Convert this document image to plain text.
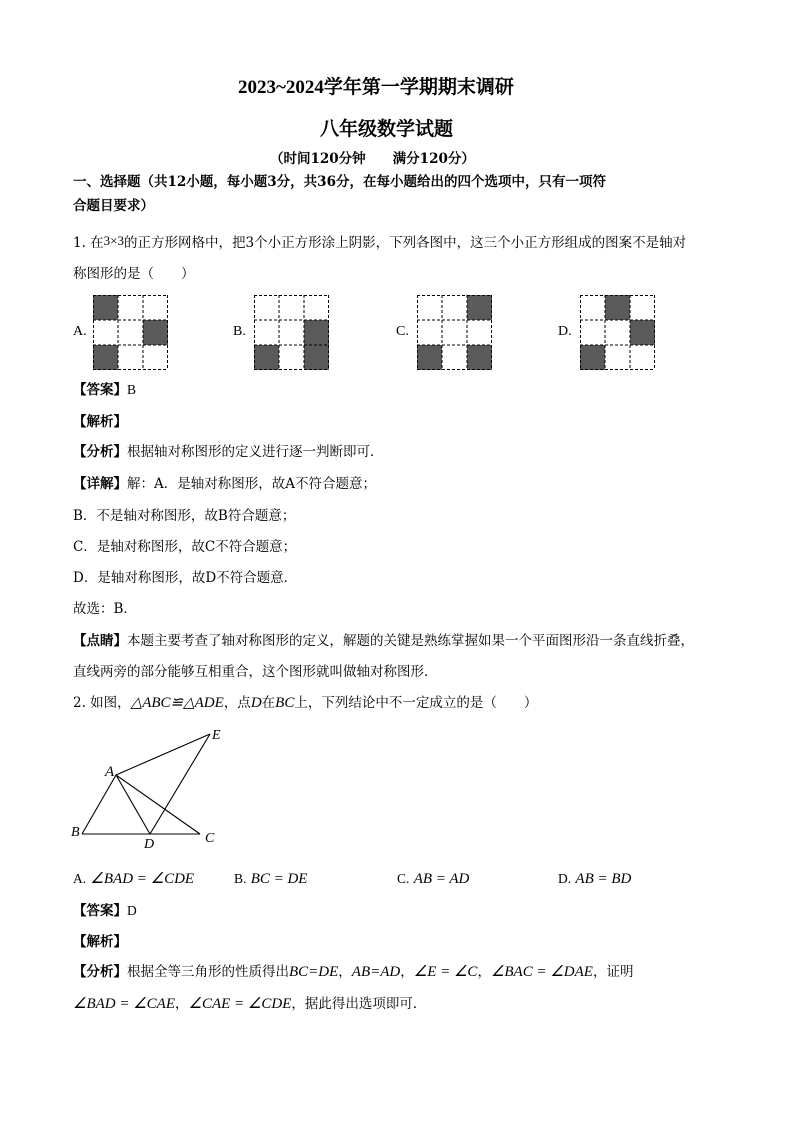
2023~2024学年第一学期期末调研
八年级数学试题
（时间120分钟　　满分120分）
一、选择题（共12小题，每小题3分，共36分，在每小题给出的四个选项中，只有一项符
合题目要求）
1. 在3×3的正方形网格中，把3个小正方形涂上阴影，下列各图中，这三个小正方形组成的图案不是轴对
称图形的是（　　）
A.	B.	C.	D.
【答案】B
【解析】
【分析】根据轴对称图形的定义进行逐一判断即可．
【详解】解：A．是轴对称图形，故A不符合题意；
B．不是轴对称图形，故B符合题意；
C．是轴对称图形，故C不符合题意；
D．是轴对称图形，故D不符合题意．
故选：B．
【点睛】本题主要考查了轴对称图形的定义，解题的关键是熟练掌握如果一个平面图形沿一条直线折叠，
直线两旁的部分能够互相重合，这个图形就叫做轴对称图形．
2. 如图，△ABC≌△ADE，点D在BC上，下列结论中不一定成立的是（　　）
A
B	C
D
E
A. ∠BAD = ∠CDE	B. BC = DE	C. AB = AD	D. AB = BD
【答案】D
【解析】
【分析】根据全等三角形的性质得出BC=DE，AB=AD，∠E = ∠C，∠BAC = ∠DAE，证明
∠BAD = ∠CAE，∠CAE = ∠CDE，据此得出选项即可．
